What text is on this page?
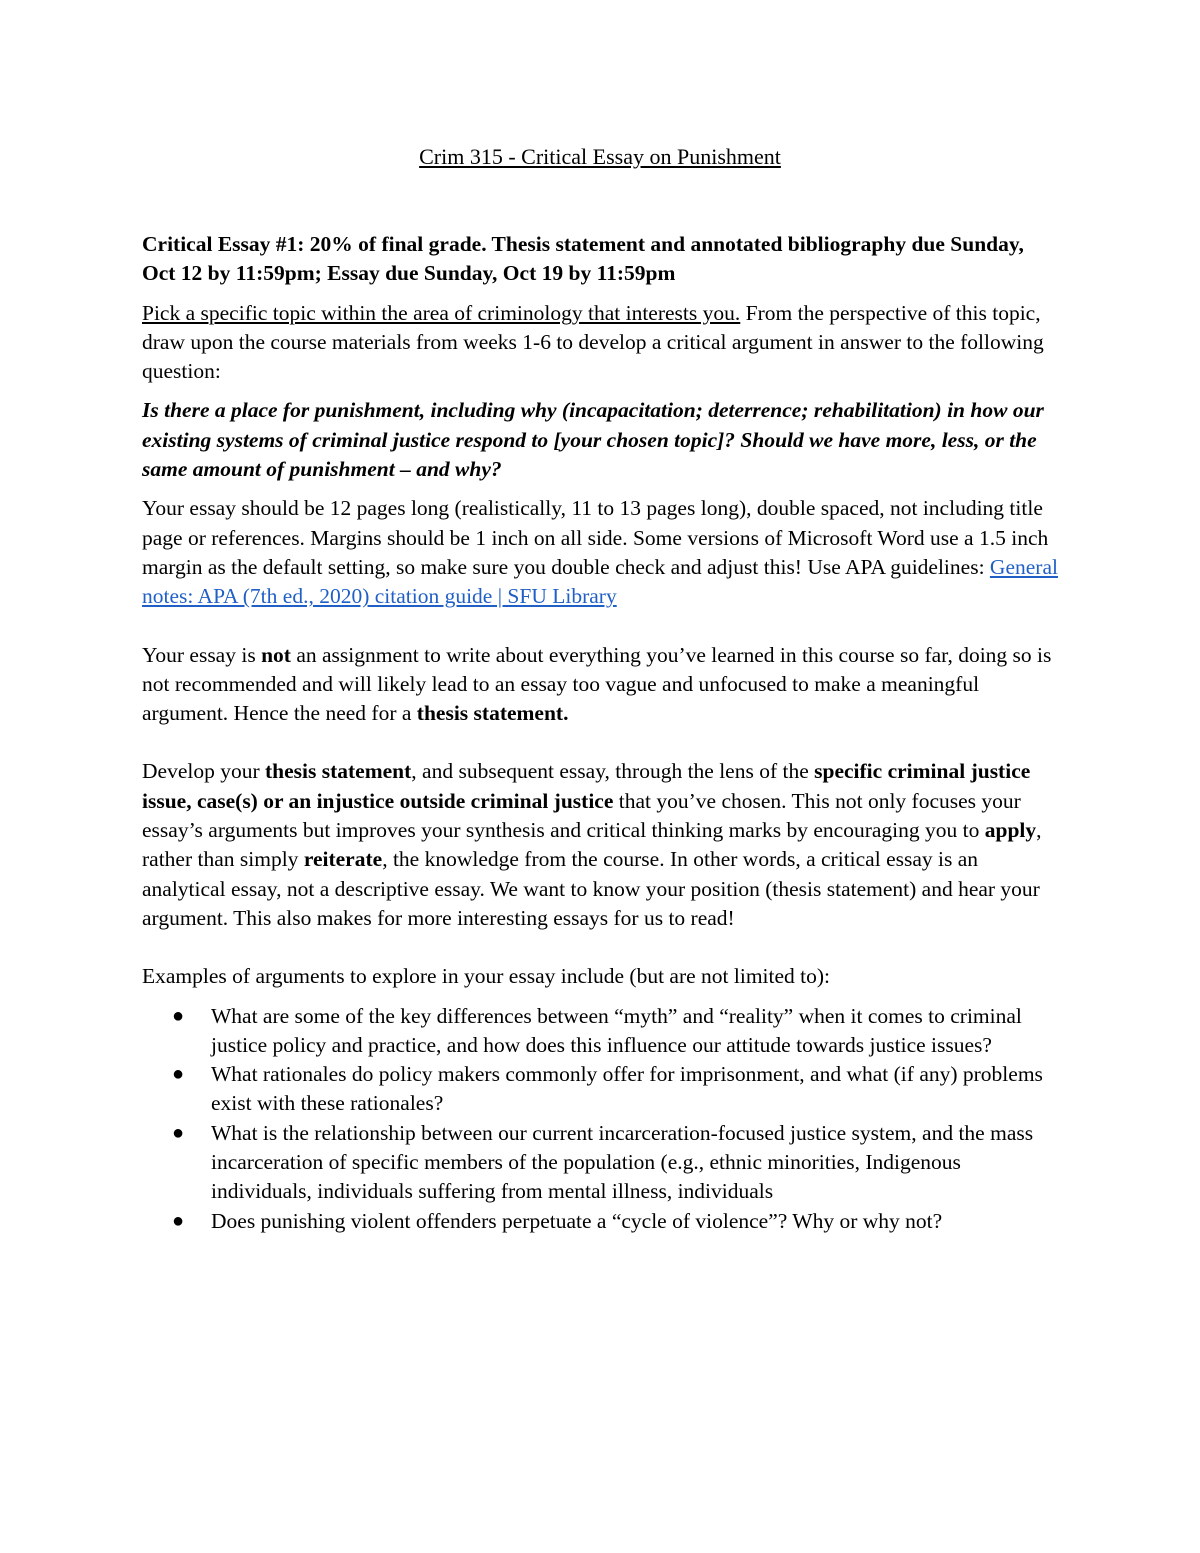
Crim 315 - Critical Essay on Punishment

Critical Essay #1: 20% of final grade. Thesis statement and annotated bibliography due Sunday, Oct 12 by 11:59pm; Essay due Sunday, Oct 19 by 11:59pm

Pick a specific topic within the area of criminology that interests you. From the perspective of this topic, draw upon the course materials from weeks 1-6 to develop a critical argument in answer to the following question:

Is there a place for punishment, including why (incapacitation; deterrence; rehabilitation) in how our existing systems of criminal justice respond to [your chosen topic]? Should we have more, less, or the same amount of punishment – and why?

Your essay should be 12 pages long (realistically, 11 to 13 pages long), double spaced, not including title page or references. Margins should be 1 inch on all side. Some versions of Microsoft Word use a 1.5 inch margin as the default setting, so make sure you double check and adjust this! Use APA guidelines: General notes: APA (7th ed., 2020) citation guide | SFU Library

Your essay is not an assignment to write about everything you’ve learned in this course so far, doing so is not recommended and will likely lead to an essay too vague and unfocused to make a meaningful argument. Hence the need for a thesis statement.

Develop your thesis statement, and subsequent essay, through the lens of the specific criminal justice issue, case(s) or an injustice outside criminal justice that you’ve chosen. This not only focuses your essay’s arguments but improves your synthesis and critical thinking marks by encouraging you to apply, rather than simply reiterate, the knowledge from the course. In other words, a critical essay is an analytical essay, not a descriptive essay. We want to know your position (thesis statement) and hear your argument. This also makes for more interesting essays for us to read!

Examples of arguments to explore in your essay include (but are not limited to):

● What are some of the key differences between “myth” and “reality” when it comes to criminal justice policy and practice, and how does this influence our attitude towards justice issues?
● What rationales do policy makers commonly offer for imprisonment, and what (if any) problems exist with these rationales?
● What is the relationship between our current incarceration-focused justice system, and the mass incarceration of specific members of the population (e.g., ethnic minorities, Indigenous individuals, individuals suffering from mental illness, individuals
● Does punishing violent offenders perpetuate a “cycle of violence”? Why or why not?
